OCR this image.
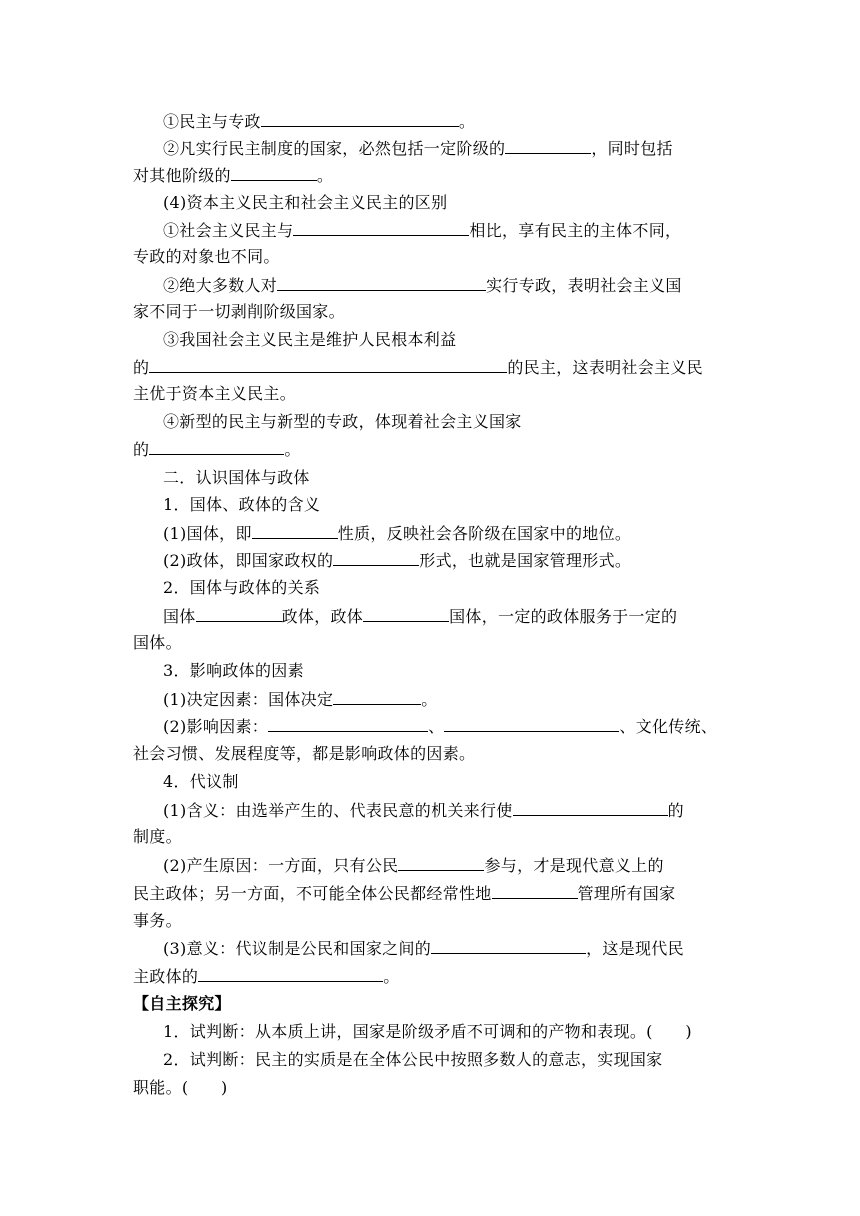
①民主与专政	。
②凡实行民主制度的国家，必然包括一定阶级的	，同时包括
对其他阶级的	。
(4)资本主义民主和社会主义民主的区别
①社会主义民主与	相比，享有民主的主体不同，
专政的对象也不同。
②绝大多数人对	实行专政，表明社会主义国
家不同于一切剥削阶级国家。
③我国社会主义民主是维护人民根本利益
的	的民主，这表明社会主义民
主优于资本主义民主。
④新型的民主与新型的专政，体现着社会主义国家
的	。
二．认识国体与政体
1．国体、政体的含义
(1)国体，即	性质，反映社会各阶级在国家中的地位。
(2)政体，即国家政权的	形式，也就是国家管理形式。
2．国体与政体的关系
国体	政体，政体	国体，一定的政体服务于一定的
国体。
3．影响政体的因素
(1)决定因素：国体决定	。
(2)影响因素：	、	、文化传统、
社会习惯、发展程度等，都是影响政体的因素。
4．代议制
(1)含义：由选举产生的、代表民意的机关来行使	的
制度。
(2)产生原因：一方面，只有公民	参与，才是现代意义上的
民主政体；另一方面，不可能全体公民都经常性地	管理所有国家
事务。
(3)意义：代议制是公民和国家之间的	，这是现代民
主政体的	。
【自主探究】
1．试判断：从本质上讲，国家是阶级矛盾不可调和的产物和表现。(　　)
2．试判断：民主的实质是在全体公民中按照多数人的意志，实现国家
职能。(　　)
